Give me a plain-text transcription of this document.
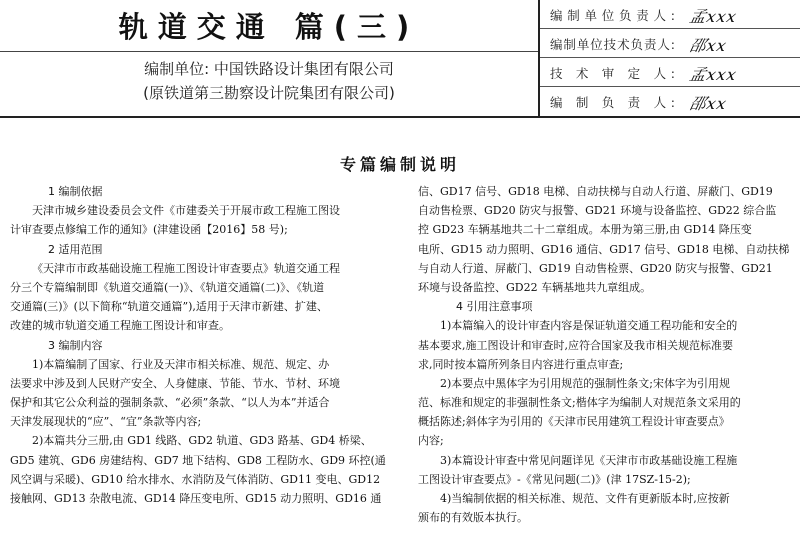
轨道交通 篇(三)
编制单位: 中国铁路设计集团有限公司
(原铁道第三勘察设计院集团有限公司)
编制单位负责人: 孟xxx
编制单位技术负责人: 邵xx
技 术 审 定 人: 孟xxx
编 制 负 责 人: 邵xx
专篇编制说明
1 编制依据
天津市城乡建设委员会文件《市建委关于开展市政工程施工图设
计审查要点修编工作的通知》(津建设函【2016】58 号);
2 适用范围
《天津市市政基础设施工程施工图设计审查要点》轨道交通工程
分三个专篇编制即《轨道交通篇(一)》、《轨道交通篇(二)》、《轨道
交通篇(三)》(以下简称“轨道交通篇”),适用于天津市新建、扩建、
改建的城市轨道交通工程施工图设计和审查。
3 编制内容
1)本篇编制了国家、行业及天津市相关标准、规范、规定、办
法要求中涉及到人民财产安全、人身健康、节能、节水、节材、环境
保护和其它公众利益的强制条款、“必须”条款、“以人为本”并适合
天津发展现状的“应”、“宜”条款等内容;
2)本篇共分三册,由 GD1 线路、GD2 轨道、GD3 路基、GD4 桥梁、
GD5 建筑、GD6 房建结构、GD7 地下结构、GD8 工程防水、GD9 环控(通
风空调与采暖)、GD10 给水排水、水消防及气体消防、GD11 变电、GD12
接触网、GD13 杂散电流、GD14 降压变电所、GD15 动力照明、GD16 通
信、GD17 信号、GD18 电梯、自动扶梯与自动人行道、屏蔽门、GD19
自动售检票、GD20 防灾与报警、GD21 环境与设备监控、GD22 综合监
控 GD23 车辆基地共二十二章组成。本册为第三册,由 GD14 降压变
电所、GD15 动力照明、GD16 通信、GD17 信号、GD18 电梯、自动扶梯
与自动人行道、屏蔽门、GD19 自动售检票、GD20 防灾与报警、GD21
环境与设备监控、GD22 车辆基地共九章组成。
4 引用注意事项
1)本篇编入的设计审查内容是保证轨道交通工程功能和安全的
基本要求,施工图设计和审查时,应符合国家及我市相关规范标准要
求,同时按本篇所列条目内容进行重点审查;
2)本要点中黑体字为引用规范的强制性条文;宋体字为引用规
范、标准和规定的非强制性条文;楷体字为编制人对规范条文采用的
概括陈述;斜体字为引用的《天津市民用建筑工程设计审查要点》
内容;
3)本篇设计审查中常见问题详见《天津市市政基础设施工程施
工图设计审查要点》-《常见问题(二)》(津 17SZ-15-2);
4)当编制依据的相关标准、规范、文件有更新版本时,应按新
颁布的有效版本执行。
